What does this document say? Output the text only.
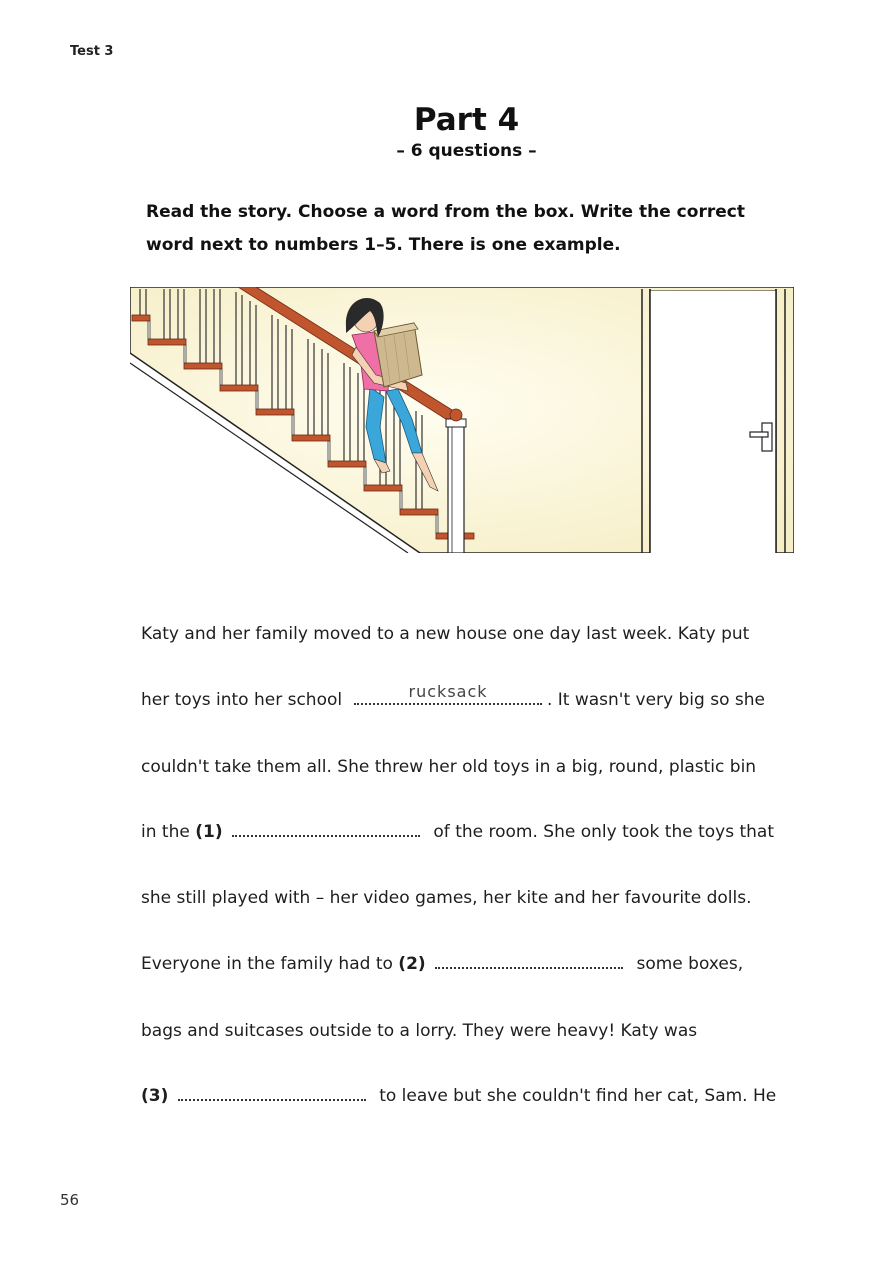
Test 3
Part 4
– 6 questions –
Read the story. Choose a word from the box. Write the correct word next to numbers 1–5. There is one example.
Katy and her family moved to a new house one day last week. Katy put
her toys into her school	rucksack	. It wasn't very big so she
couldn't take them all. She threw her old toys in a big, round, plastic bin
in the (1)	of the room. She only took the toys that
she still played with – her video games, her kite and her favourite dolls.
Everyone in the family had to (2)	some boxes,
bags and suitcases outside to a lorry. They were heavy! Katy was
(3)	to leave but she couldn't find her cat, Sam. He
56
